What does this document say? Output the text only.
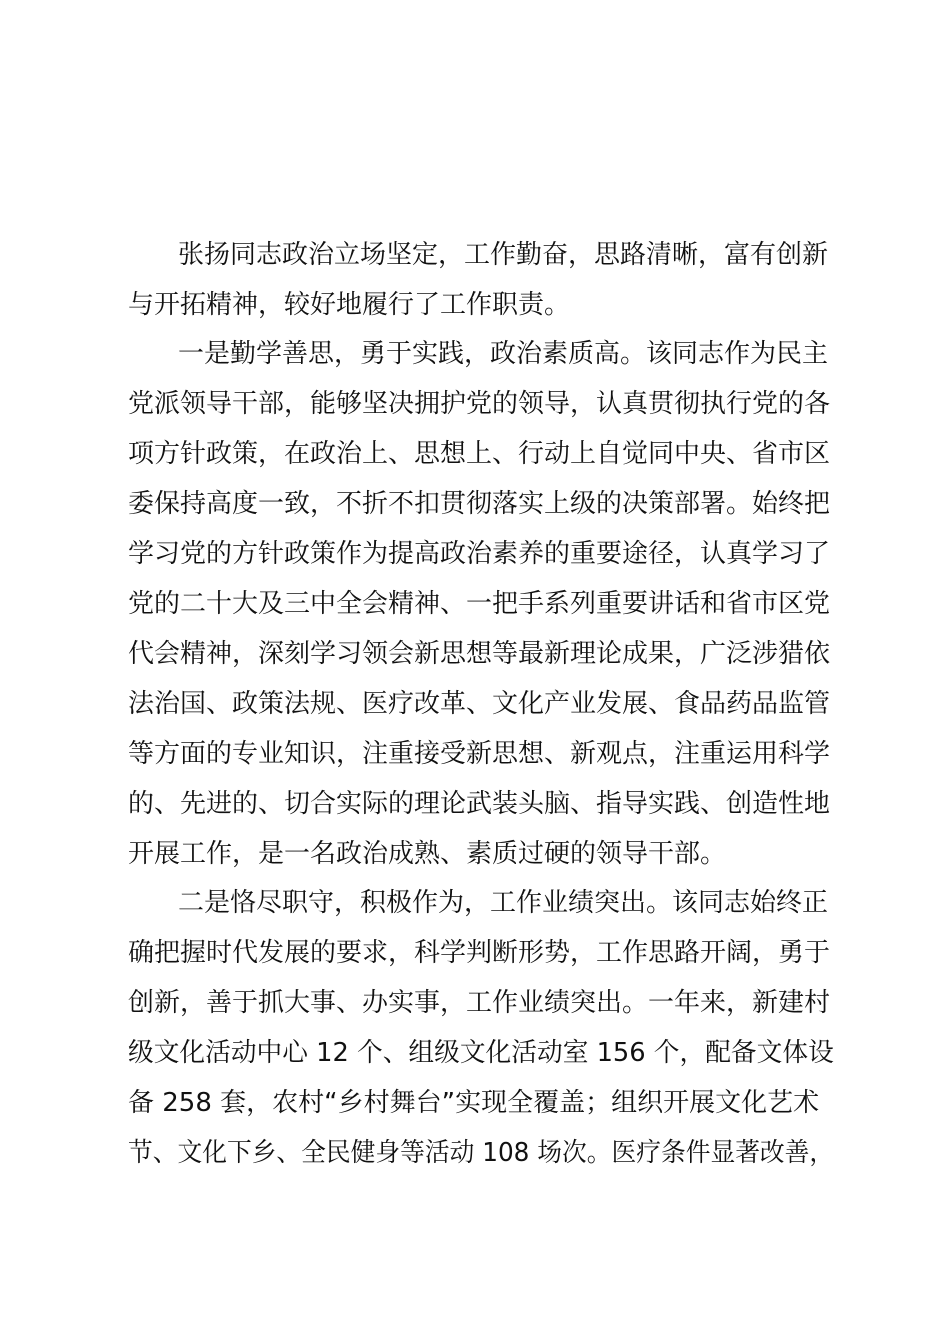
张扬同志政治立场坚定，工作勤奋，思路清晰，富有创新
与开拓精神，较好地履行了工作职责。
一是勤学善思，勇于实践，政治素质高。该同志作为民主
党派领导干部，能够坚决拥护党的领导，认真贯彻执行党的各
项方针政策，在政治上、思想上、行动上自觉同中央、省市区
委保持高度一致，不折不扣贯彻落实上级的决策部署。始终把
学习党的方针政策作为提高政治素养的重要途径，认真学习了
党的二十大及三中全会精神、一把手系列重要讲话和省市区党
代会精神，深刻学习领会新思想等最新理论成果，广泛涉猎依
法治国、政策法规、医疗改革、文化产业发展、食品药品监管
等方面的专业知识，注重接受新思想、新观点，注重运用科学
的、先进的、切合实际的理论武装头脑、指导实践、创造性地
开展工作，是一名政治成熟、素质过硬的领导干部。
二是恪尽职守，积极作为，工作业绩突出。该同志始终正
确把握时代发展的要求，科学判断形势，工作思路开阔，勇于
创新，善于抓大事、办实事，工作业绩突出。一年来，新建村
级文化活动中心 12 个、组级文化活动室 156 个，配备文体设
备 258 套，农村“乡村舞台”实现全覆盖；组织开展文化艺术
节、文化下乡、全民健身等活动 108 场次。医疗条件显著改善，
